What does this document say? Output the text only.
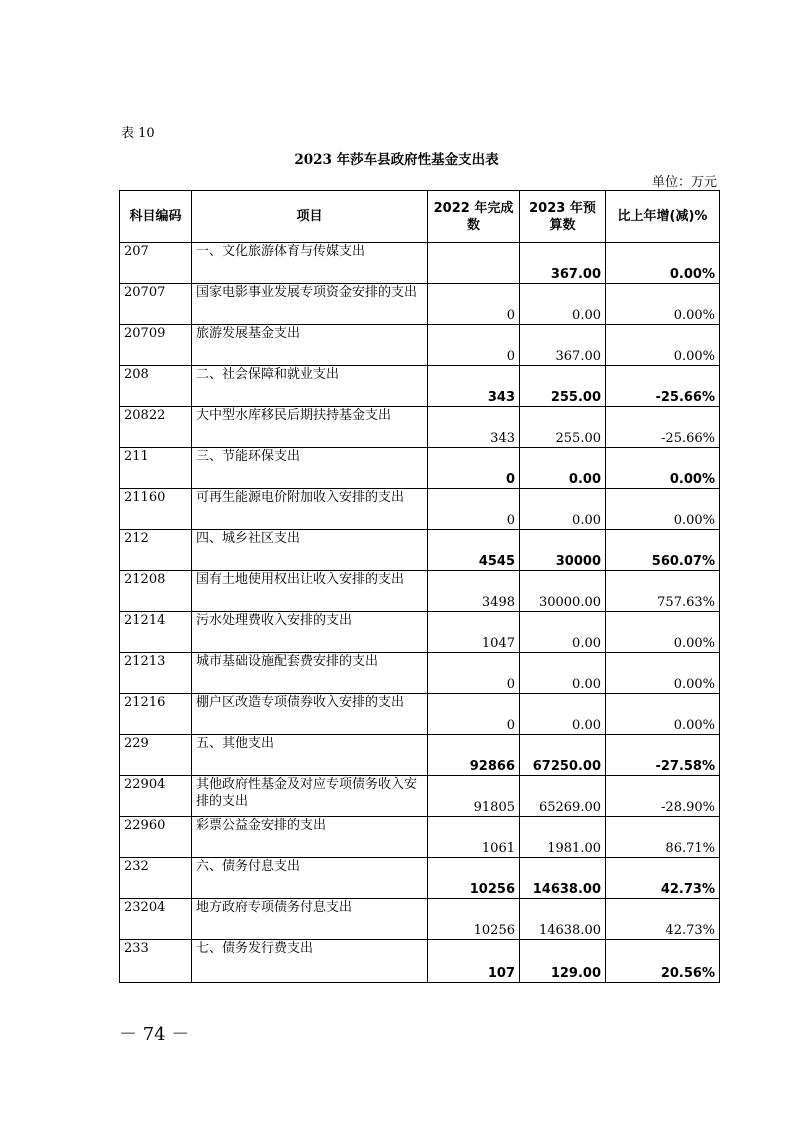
表 10
2023 年莎车县政府性基金支出表
单位：万元
科目编码	项目	2022 年完成数	2023 年预算数	比上年增(减)%
207	一、文化旅游体育与传媒支出		367.00	0.00%
20707	国家电影事业发展专项资金安排的支出	0	0.00	0.00%
20709	旅游发展基金支出	0	367.00	0.00%
208	二、社会保障和就业支出	343	255.00	-25.66%
20822	大中型水库移民后期扶持基金支出	343	255.00	-25.66%
211	三、节能环保支出	0	0.00	0.00%
21160	可再生能源电价附加收入安排的支出	0	0.00	0.00%
212	四、城乡社区支出	4545	30000	560.07%
21208	国有土地使用权出让收入安排的支出	3498	30000.00	757.63%
21214	污水处理费收入安排的支出	1047	0.00	0.00%
21213	城市基础设施配套费安排的支出	0	0.00	0.00%
21216	棚户区改造专项债券收入安排的支出	0	0.00	0.00%
229	五、其他支出	92866	67250.00	-27.58%
22904	其他政府性基金及对应专项债务收入安排的支出	91805	65269.00	-28.90%
22960	彩票公益金安排的支出	1061	1981.00	86.71%
232	六、债务付息支出	10256	14638.00	42.73%
23204	地方政府专项债务付息支出	10256	14638.00	42.73%
233	七、债务发行费支出	107	129.00	20.56%
－ 74 －
